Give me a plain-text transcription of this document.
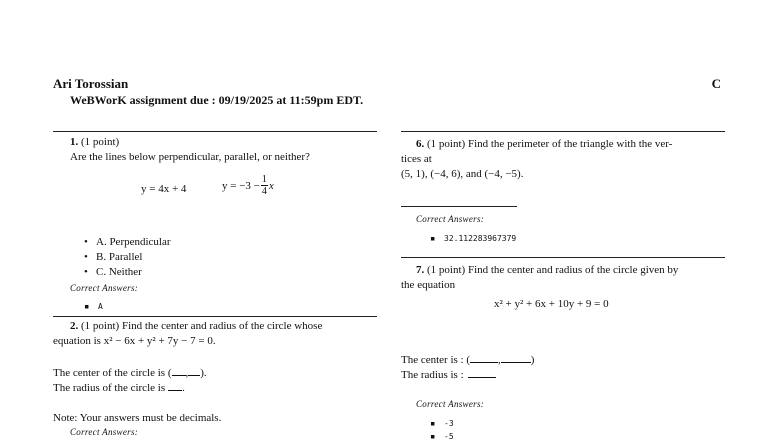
Ari Torossian	C
WeBWorK assignment due : 09/19/2025 at 11:59pm EDT.
1. (1 point)
Are the lines below perpendicular, parallel, or neither?
y = 4x + 4	$y = -3 - \frac{1}{4}$ x
• A. Perpendicular
• B. Parallel
• C. Neither
Correct Answers:
▪ A
2. (1 point) Find the center and radius of the circle whose
equation is x² − 6x + y² + 7y − 7 = 0.
The center of the circle is ( , ).
The radius of the circle is .
Note: Your answers must be decimals.
Correct Answers:
6. (1 point) Find the perimeter of the triangle with the ver-
tices at
(5, 1), (−4, 6), and (−4, −5).
Correct Answers:
▪ 32.112283967379
7. (1 point) Find the center and radius of the circle given by
the equation
x² + y² + 6x + 10y + 9 = 0
The center is : (	,	)
The radius is :
Correct Answers:
▪ -3
▪ -5
